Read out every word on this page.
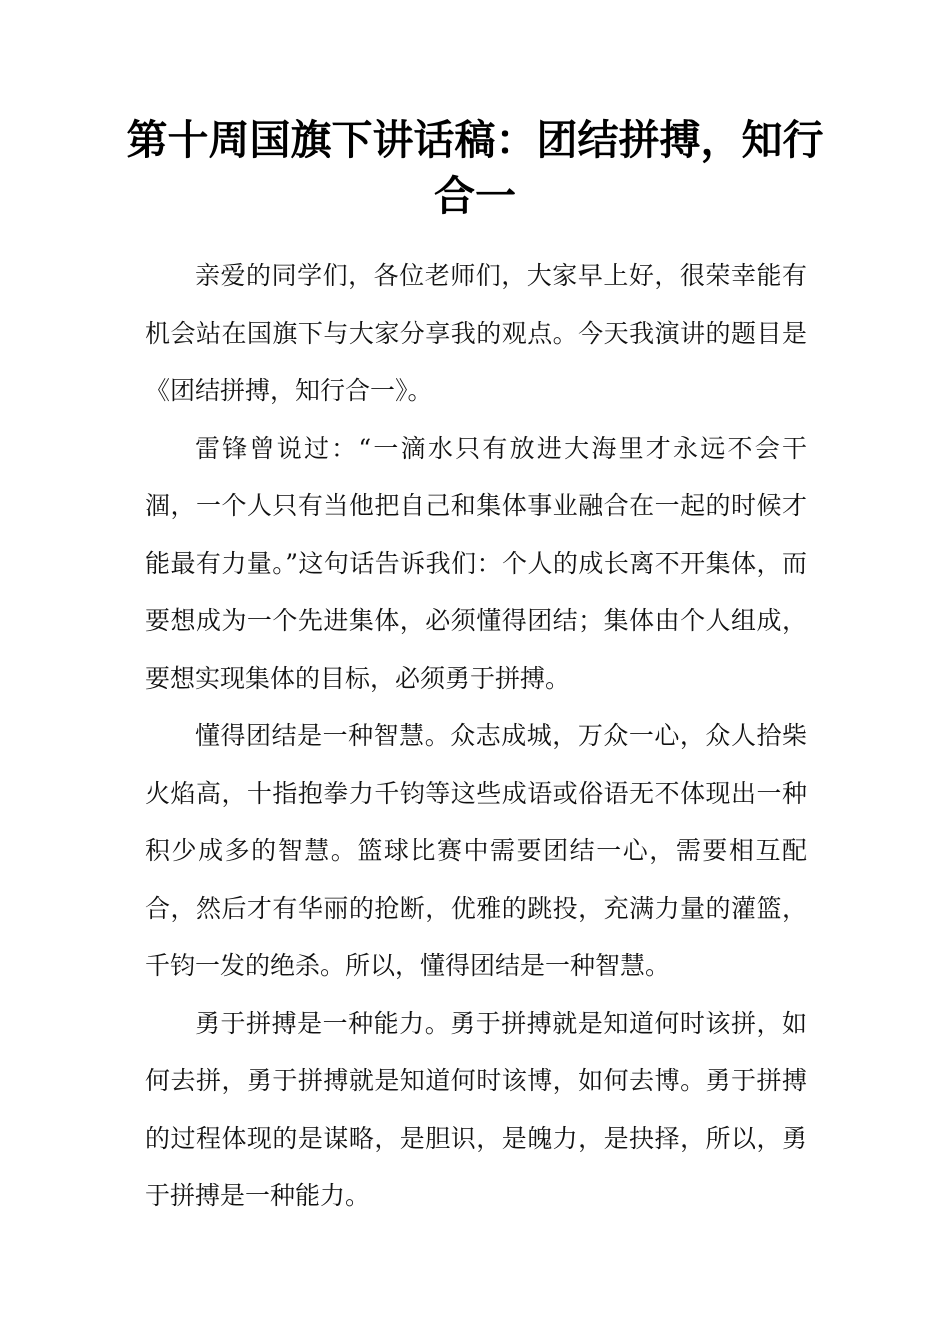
第十周国旗下讲话稿：团结拼搏，知行合一

亲爱的同学们，各位老师们，大家早上好，很荣幸能有机会站在国旗下与大家分享我的观点。今天我演讲的题目是《团结拼搏，知行合一》。

雷锋曾说过：“一滴水只有放进大海里才永远不会干涸，一个人只有当他把自己和集体事业融合在一起的时候才能最有力量。”这句话告诉我们：个人的成长离不开集体，而要想成为一个先进集体，必须懂得团结；集体由个人组成，要想实现集体的目标，必须勇于拼搏。

懂得团结是一种智慧。众志成城，万众一心，众人拾柴火焰高，十指抱拳力千钧等这些成语或俗语无不体现出一种积少成多的智慧。篮球比赛中需要团结一心，需要相互配合，然后才有华丽的抢断，优雅的跳投，充满力量的灌篮，千钧一发的绝杀。所以，懂得团结是一种智慧。

勇于拼搏是一种能力。勇于拼搏就是知道何时该拼，如何去拼，勇于拼搏就是知道何时该博，如何去博。勇于拼搏的过程体现的是谋略，是胆识，是魄力，是抉择，所以，勇于拼搏是一种能力。
